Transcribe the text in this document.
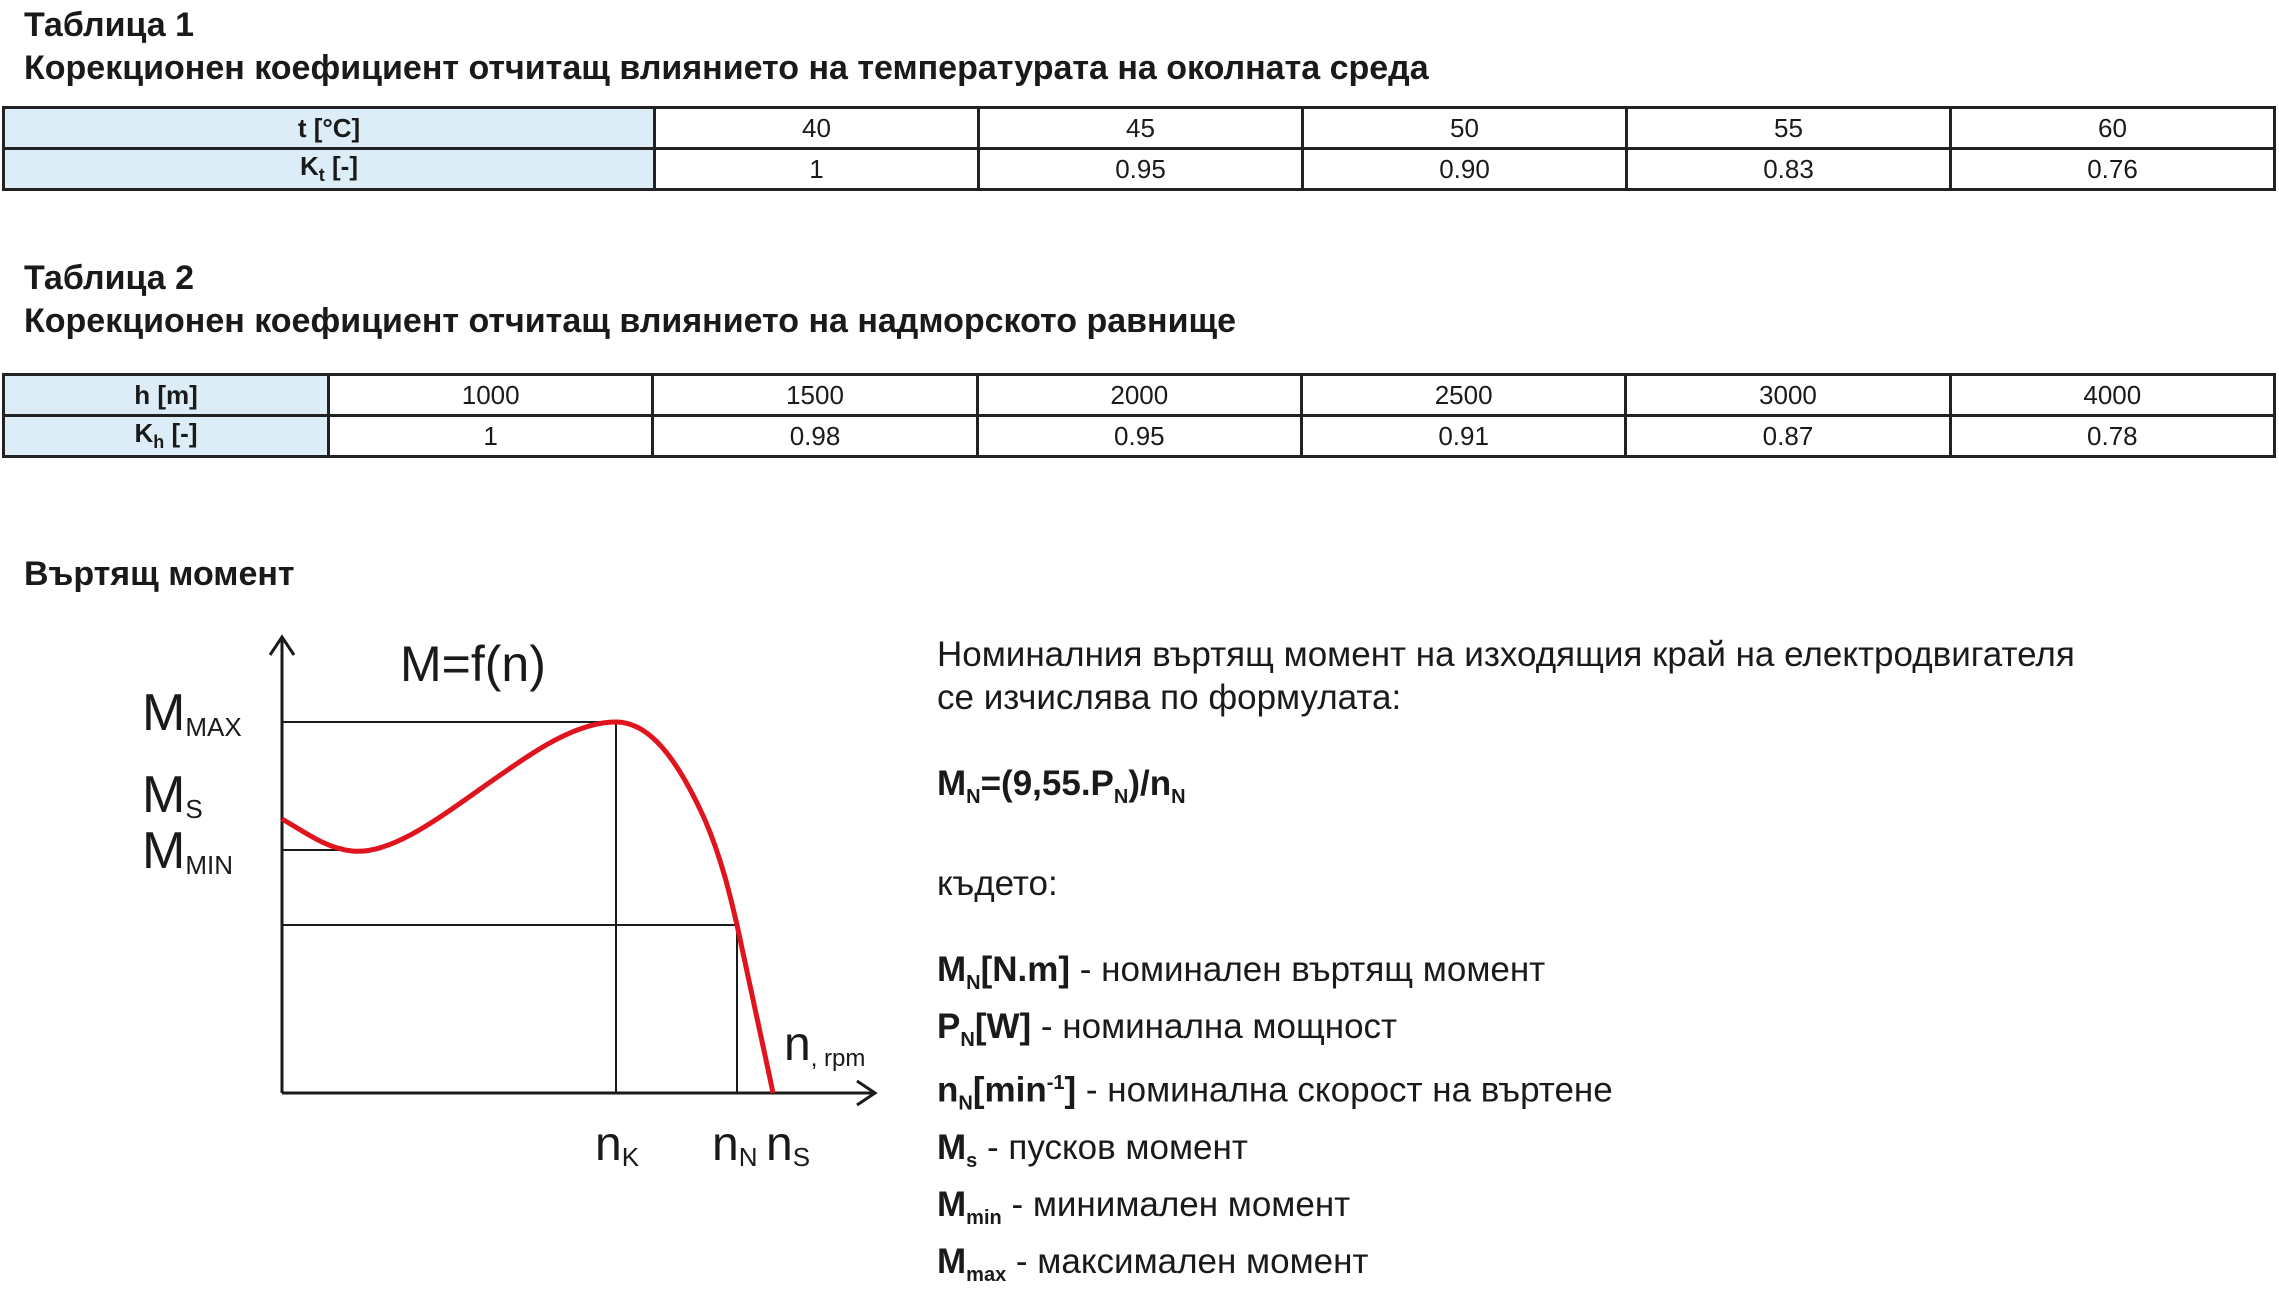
Таблица 1
Корекционен коефициент отчитащ влиянието на температурата на околната среда
t [°C]	40	45	50	55	60
$K_t$ [-]	1	0.95	0.90	0.83	0.76
Таблица 2
Корекционен коефициент отчитащ влиянието на надморското равнище
h [m]	1000	1500	2000	2500	3000	4000
$K_h$ [-]	1	0.98	0.95	0.91	0.87	0.78
Въртящ момент
M=f(n)
MMAX
MS
MMIN
n, rpm
nK nN nS

Номиналния въртящ момент на изходящия край на електродвигателя

се изчислява по формулата:

$M_N=(9,55.P_N)/n_N$

където:

$M_N[N.m]$ - номинален въртящ момент

$P_N[W]$ - номинална мощност

$n_N[\min^{-1}]$ - номинална скорост на въртене

$M_s$ - пусков момент

$M_{min}$ - минимален момент

$M_{max}$ - максимален момент
